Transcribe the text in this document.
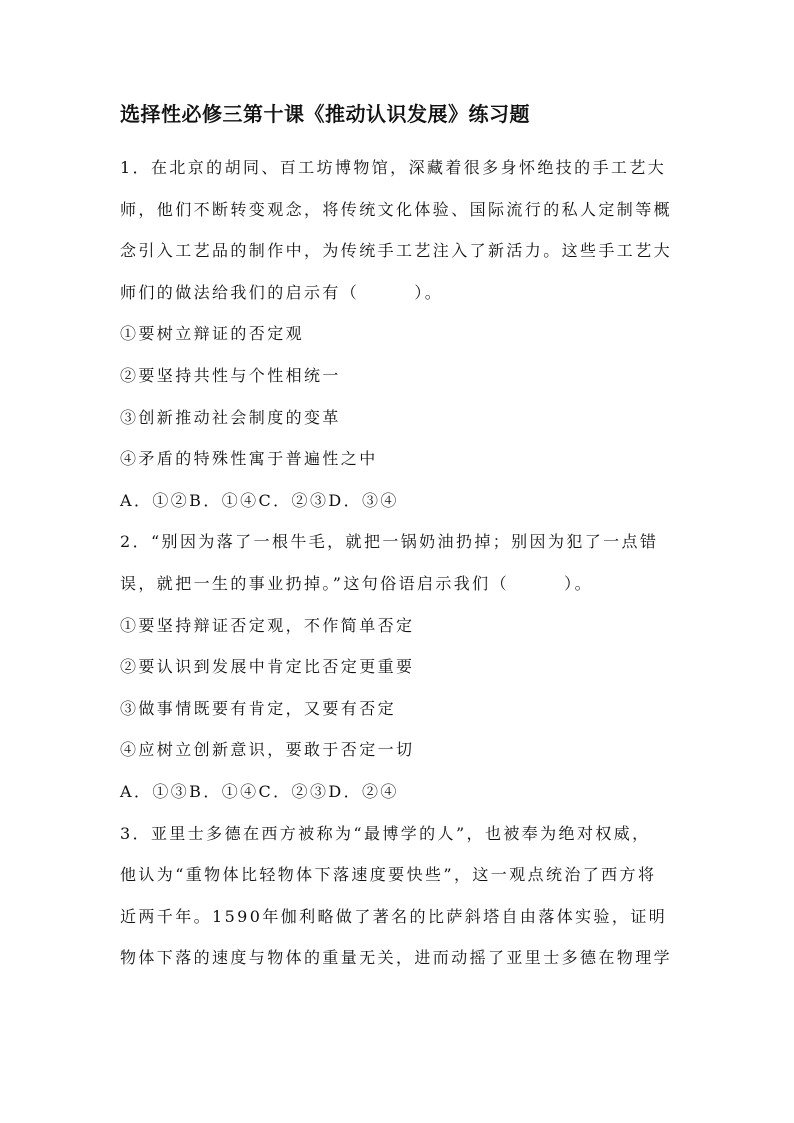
选择性必修三第十课《推动认识发展》练习题
1．在北京的胡同、百工坊博物馆，深藏着很多身怀绝技的手工艺大
师，他们不断转变观念，将传统文化体验、国际流行的私人定制等概
念引入工艺品的制作中，为传统手工艺注入了新活力。这些手工艺大
师们的做法给我们的启示有（　　　）。
①要树立辩证的否定观
②要坚持共性与个性相统一
③创新推动社会制度的变革
④矛盾的特殊性寓于普遍性之中
A．①②B．①④C．②③D．③④
2．“别因为落了一根牛毛，就把一锅奶油扔掉；别因为犯了一点错
误，就把一生的事业扔掉。”这句俗语启示我们（　　　）。
①要坚持辩证否定观，不作简单否定
②要认识到发展中肯定比否定更重要
③做事情既要有肯定，又要有否定
④应树立创新意识，要敢于否定一切
A．①③B．①④C．②③D．②④
3．亚里士多德在西方被称为“最博学的人”，也被奉为绝对权威，
他认为“重物体比轻物体下落速度要快些”，这一观点统治了西方将
近两千年。1590年伽利略做了著名的比萨斜塔自由落体实验，证明
物体下落的速度与物体的重量无关，进而动摇了亚里士多德在物理学
